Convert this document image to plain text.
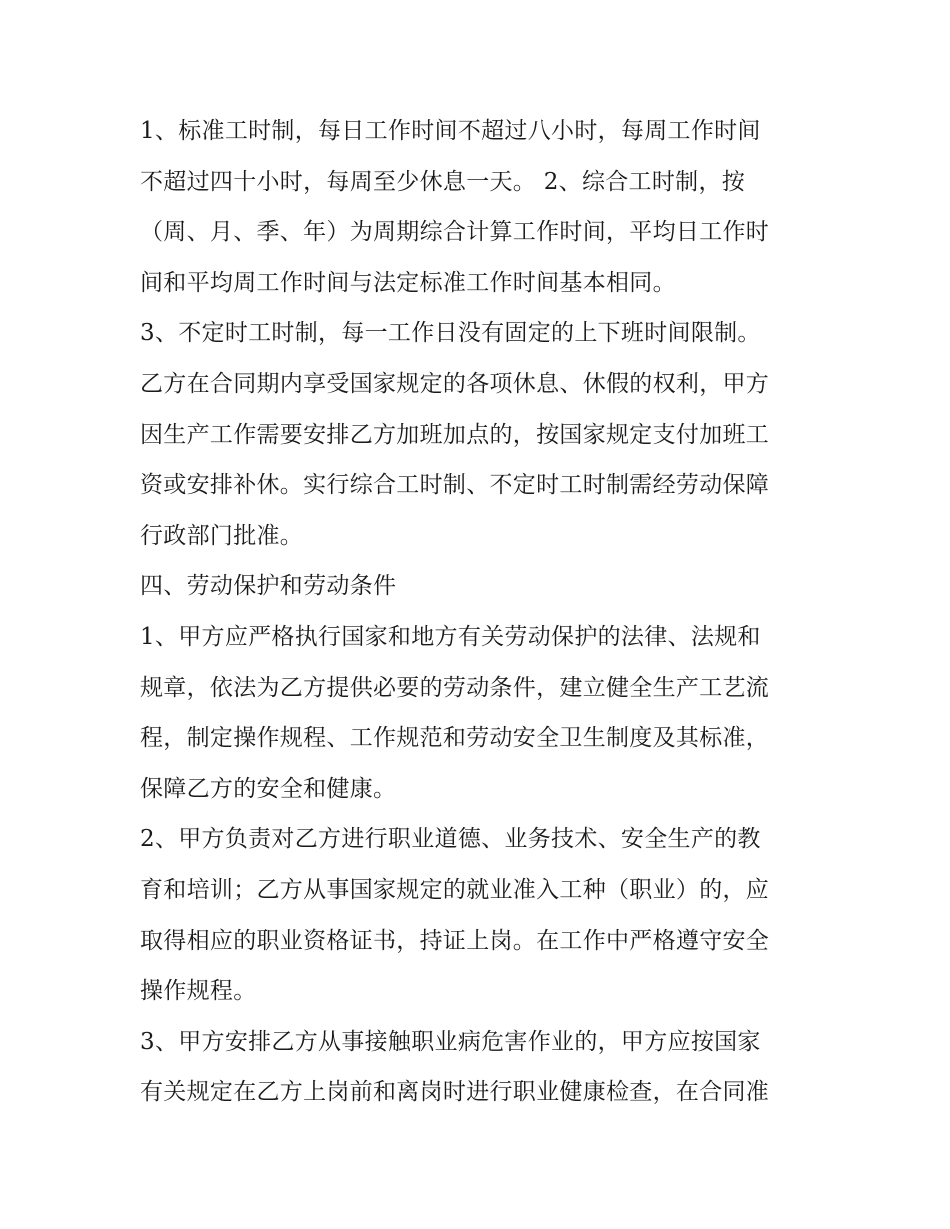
1、标准工时制，每日工作时间不超过八小时，每周工作时间
不超过四十小时，每周至少休息一天。 2、综合工时制，按
（周、月、季、年）为周期综合计算工作时间，平均日工作时
间和平均周工作时间与法定标准工作时间基本相同。
3、不定时工时制，每一工作日没有固定的上下班时间限制。
乙方在合同期内享受国家规定的各项休息、休假的权利，甲方
因生产工作需要安排乙方加班加点的，按国家规定支付加班工
资或安排补休。实行综合工时制、不定时工时制需经劳动保障
行政部门批准。
四、劳动保护和劳动条件
1、甲方应严格执行国家和地方有关劳动保护的法律、法规和
规章，依法为乙方提供必要的劳动条件，建立健全生产工艺流
程，制定操作规程、工作规范和劳动安全卫生制度及其标准，
保障乙方的安全和健康。
2、甲方负责对乙方进行职业道德、业务技术、安全生产的教
育和培训；乙方从事国家规定的就业准入工种（职业）的，应
取得相应的职业资格证书，持证上岗。在工作中严格遵守安全
操作规程。
3、甲方安排乙方从事接触职业病危害作业的，甲方应按国家
有关规定在乙方上岗前和离岗时进行职业健康检查，在合同准
